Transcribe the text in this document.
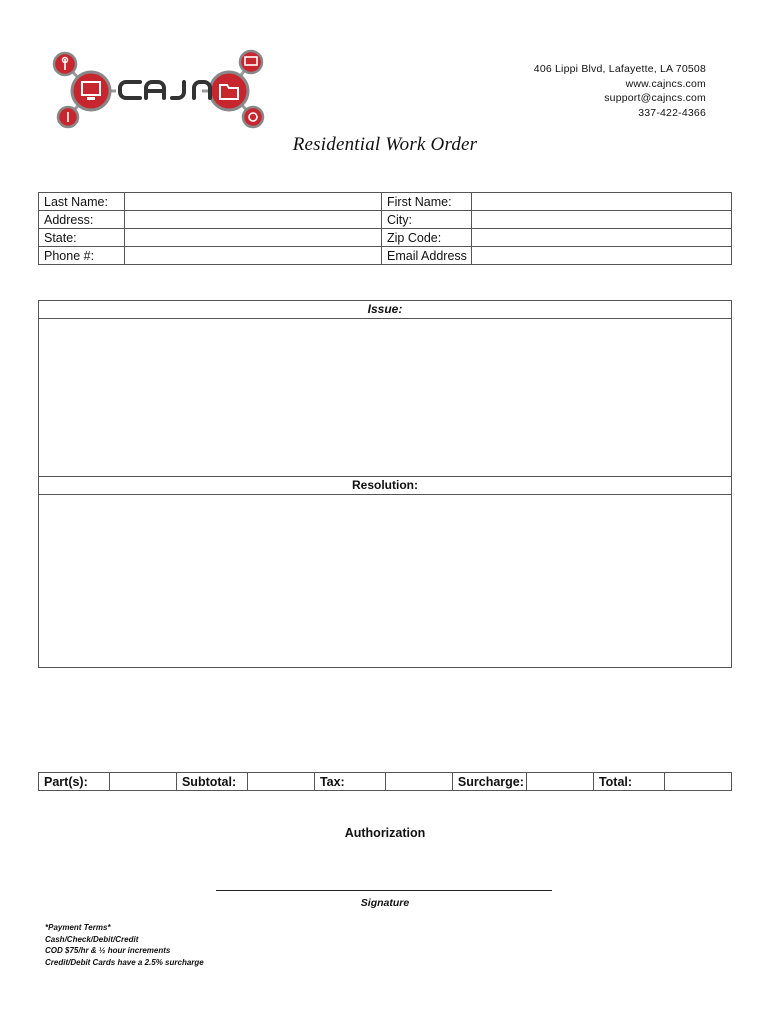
406 Lippi Blvd, Lafayette, LA 70508
www.cajncs.com
support@cajncs.com
337-422-4366
Residential Work Order
Last Name:		First Name:	
Address:		City:	
State:		Zip Code:	
Phone #:		Email Address	
Issue:
Resolution:
Part(s):		Subtotal:		Tax:		Surcharge:		Total:	
Authorization
Signature
*Payment Terms*
Cash/Check/Debit/Credit
COD $75/hr & ½ hour increments
Credit/Debit Cards have a 2.5% surcharge
